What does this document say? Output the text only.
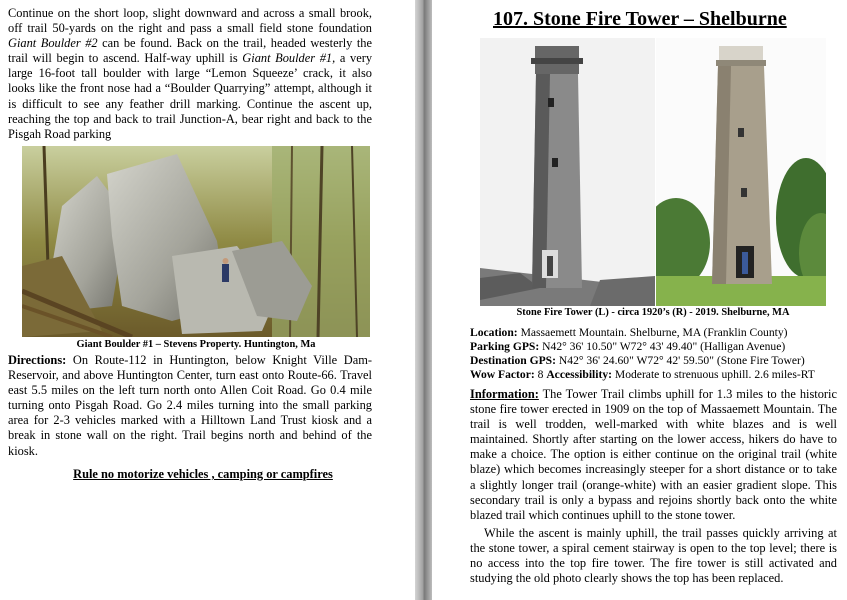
Continue on the short loop, slight downward and across a small brook, off trail 50-yards on the right and pass a small field stone foundation Giant Boulder #2 can be found. Back on the trail, headed westerly the trail will begin to ascend. Half-way uphill is Giant Boulder #1, a very large 16-foot tall boulder with large “Lemon Squeeze’ crack, it also looks like the front nose had a “Boulder Quarrying” attempt, although it is difficult to see any feather drill marking. Continue the ascent up, reaching the top and back to trail Junction-A, bear right and back to the Pisgah Road parking

Giant Boulder #1 – Stevens Property. Huntington, Ma

Directions: On Route-112 in Huntington, below Knight Ville Dam-Reservoir, and above Huntington Center, turn east onto Route-66. Travel east 5.5 miles on the left turn north onto Allen Coit Road. Go 0.4 mile turning onto Pisgah Road. Go 2.4 miles turning into the small parking area for 2-3 vehicles marked with a Hilltown Land Trust kiosk and a break in stone wall on the right. Trail begins north and behind of the kiosk.

Rule no motorize vehicles , camping or campfires

107. Stone Fire Tower – Shelburne

Stone Fire Tower (L) - circa 1920’s (R) - 2019. Shelburne, MA

Location: Massaemett Mountain. Shelburne, MA (Franklin County)

Parking GPS: N42° 36' 10.50" W72° 43' 49.40" (Halligan Avenue)

Destination GPS: N42° 36' 24.60" W72° 42' 59.50" (Stone Fire Tower)

Wow Factor: 8 Accessibility: Moderate to strenuous uphill. 2.6 miles-RT

Information: The Tower Trail climbs uphill for 1.3 miles to the historic stone fire tower erected in 1909 on the top of Massaemett Mountain. The trail is well trodden, well-marked with white blazes and is well maintained. Shortly after starting on the lower access, hikers do have to make a choice. The option is either continue on the original trail (white blaze) which becomes increasingly steeper for a short distance or to take a slightly longer trail (orange-white) with an easier gradient slope. This secondary trail is only a bypass and rejoins shortly back onto the white blazed trail which continues uphill to the stone tower.

While the ascent is mainly uphill, the trail passes quickly arriving at the stone tower, a spiral cement stairway is open to the top level; there is no access into the top fire tower. The fire tower is still activated and studying the old photo clearly shows the top has been replaced.
